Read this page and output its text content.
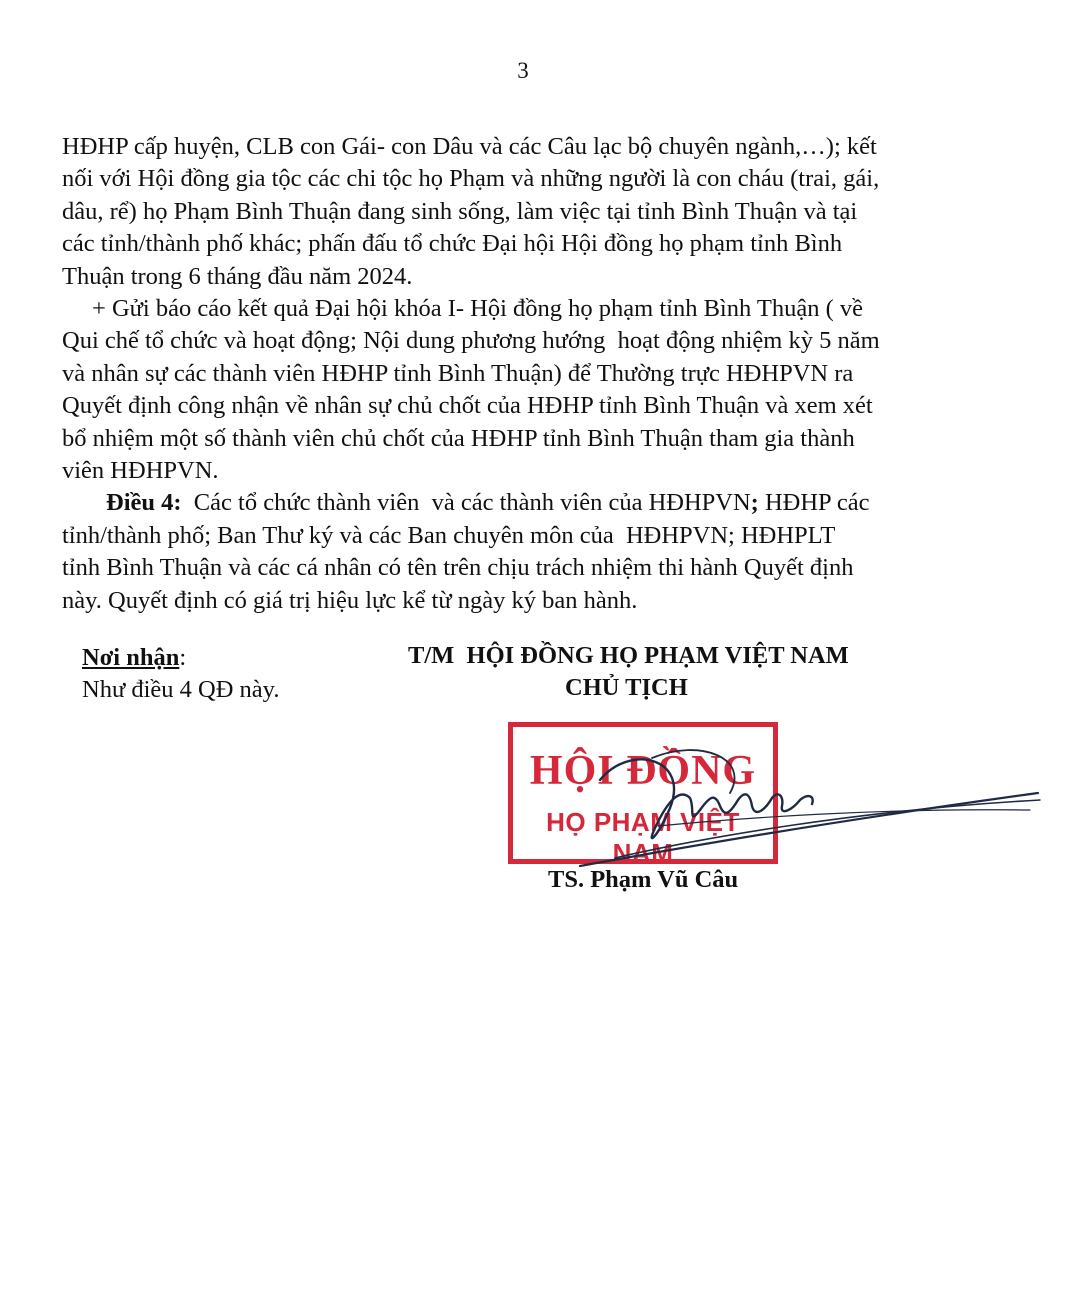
3
HĐHP cấp huyện, CLB con Gái- con Dâu và các Câu lạc bộ chuyên ngành,…); kết
nối với Hội đồng gia tộc các chi tộc họ Phạm và những người là con cháu (trai, gái,
dâu, rể) họ Phạm Bình Thuận đang sinh sống, làm việc tại tỉnh Bình Thuận và tại
các tỉnh/thành phố khác; phấn đấu tổ chức Đại hội Hội đồng họ phạm tỉnh Bình
Thuận trong 6 tháng đầu năm 2024.
+ Gửi báo cáo kết quả Đại hội khóa I- Hội đồng họ phạm tỉnh Bình Thuận ( về
Qui chế tổ chức và hoạt động; Nội dung phương hướng  hoạt động nhiệm kỳ 5 năm
và nhân sự các thành viên HĐHP tỉnh Bình Thuận) để Thường trực HĐHPVN ra
Quyết định công nhận về nhân sự chủ chốt của HĐHP tỉnh Bình Thuận và xem xét
bổ nhiệm một số thành viên chủ chốt của HĐHP tỉnh Bình Thuận tham gia thành
viên HĐHPVN.
Điều 4:  Các tổ chức thành viên  và các thành viên của HĐHPVN; HĐHP các
tỉnh/thành phố; Ban Thư ký và các Ban chuyên môn của  HĐHPVN; HĐHPLT
tỉnh Bình Thuận và các cá nhân có tên trên chịu trách nhiệm thi hành Quyết định
này. Quyết định có giá trị hiệu lực kể từ ngày ký ban hành.
Nơi nhận:
Như điều 4 QĐ này.
T/M  HỘI ĐỒNG HỌ PHẠM VIỆT NAM
CHỦ TỊCH
HỘI ĐỒNG
HỌ PHẠM VIỆT NAM
TS. Phạm Vũ Câu
